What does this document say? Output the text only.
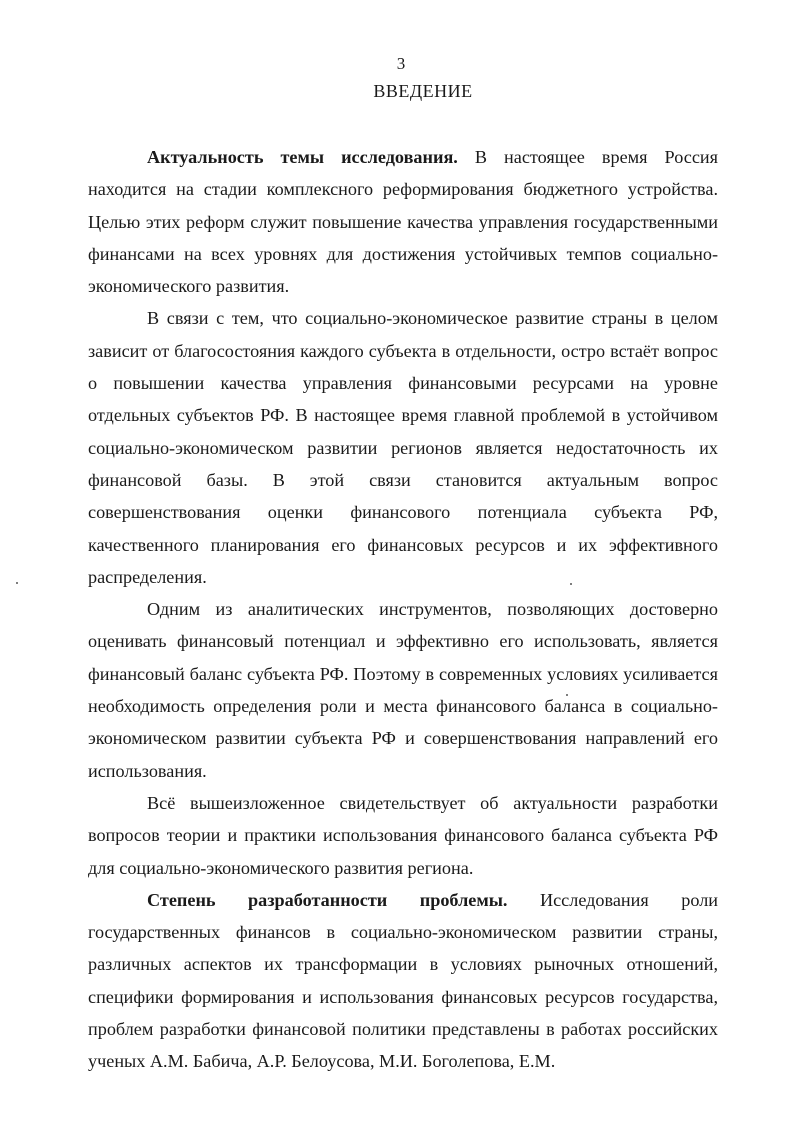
3
ВВЕДЕНИЕ

Актуальность темы исследования. В настоящее время Россия находится на стадии комплексного реформирования бюджетного устройства. Целью этих реформ служит повышение качества управления государственными финансами на всех уровнях для достижения устойчивых темпов социально-экономического развития.

В связи с тем, что социально-экономическое развитие страны в целом зависит от благосостояния каждого субъекта в отдельности, остро встаёт вопрос о повышении качества управления финансовыми ресурсами на уровне отдельных субъектов РФ. В настоящее время главной проблемой в устойчивом социально-экономическом развитии регионов является недостаточность их финансовой базы. В этой связи становится актуальным вопрос совершенствования оценки финансового потенциала субъекта РФ, качественного планирования его финансовых ресурсов и их эффективного распределения.

Одним из аналитических инструментов, позволяющих достоверно оценивать финансовый потенциал и эффективно его использовать, является финансовый баланс субъекта РФ. Поэтому в современных условиях усиливается необходимость определения роли и места финансового баланса в социально-экономическом развитии субъекта РФ и совершенствования направлений его использования.

Всё вышеизложенное свидетельствует об актуальности разработки вопросов теории и практики использования финансового баланса субъекта РФ для социально-экономического развития региона.

Степень разработанности проблемы. Исследования роли государственных финансов в социально-экономическом развитии страны, различных аспектов их трансформации в условиях рыночных отношений, специфики формирования и использования финансовых ресурсов государства, проблем разработки финансовой политики представлены в работах российских ученых А.М. Бабича, А.Р. Белоусова, М.И. Боголепова, Е.М.
